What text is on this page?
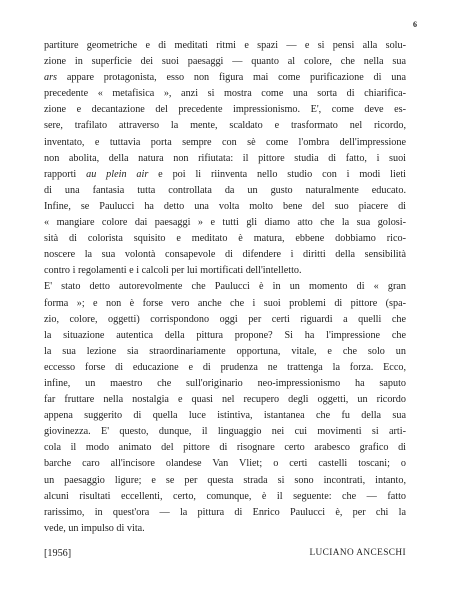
6
partiture geometriche e di meditati ritmi e spazi — e si pensi alla solu-
zione in superficie dei suoi paesaggi — quanto al colore, che nella sua
ars appare protagonista, esso non figura mai come purificazione di una
precedente « metafisica », anzi si mostra come una sorta di chiarifica-
zione e decantazione del precedente impressionismo. E', come deve es-
sere, trafilato attraverso la mente, scaldato e trasformato nel ricordo,
inventato, e tuttavia porta sempre con sè come l'ombra dell'impressione
non abolita, della natura non rifiutata: il pittore studia di fatto, i suoi
rapporti au plein air e poi li riinventa nello studio con i modi lieti
di una fantasia tutta controllata da un gusto naturalmente educato.
Infine, se Paulucci ha detto una volta molto bene del suo piacere di
« mangiare colore dai paesaggi » e tutti gli diamo atto che la sua golosi-
sità di colorista squisito e meditato è matura, ebbene dobbiamo rico-
noscere la sua volontà consapevole di difendere i diritti della sensibilità
contro i regolamenti e i calcoli per lui mortificati dell'intelletto.
E' stato detto autorevolmente che Paulucci è in un momento di « gran
forma »; e non è forse vero anche che i suoi problemi di pittore (spa-
zio, colore, oggetti) corrispondono oggi per certi riguardi a quelli che
la situazione autentica della pittura propone? Si ha l'impressione che
la sua lezione sia straordinariamente opportuna, vitale, e che solo un
eccesso forse di educazione e di prudenza ne trattenga la forza. Ecco,
infine, un maestro che sull'originario neo-impressionismo ha saputo
far fruttare nella nostalgia e quasi nel recupero degli oggetti, un ricordo
appena suggerito di quella luce istintiva, istantanea che fu della sua
giovinezza. E' questo, dunque, il linguaggio nei cui movimenti si arti-
cola il modo animato del pittore di risognare certo arabesco grafico di
barche caro all'incisore olandese Van Vliet; o certi castelli toscani; o
un paesaggio ligure; e se per questa strada si sono incontrati, intanto,
alcuni risultati eccellenti, certo, comunque, è il seguente: che — fatto
rarissimo, in quest'ora — la pittura di Enrico Paulucci è, per chi la
vede, un impulso di vita.
[1956]	LUCIANO ANCESCHI
